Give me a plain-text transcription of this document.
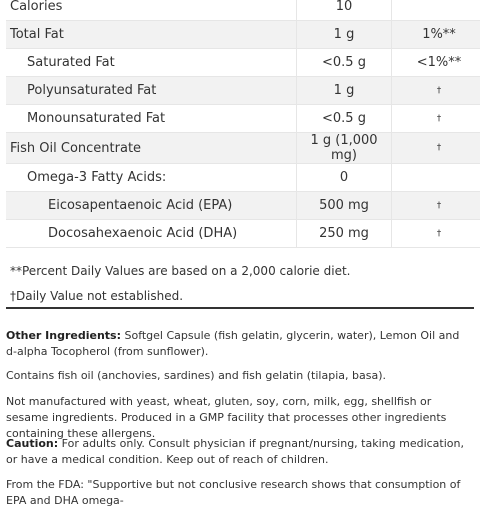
Calories	10	
Total Fat	1 g	1%**
Saturated Fat	<0.5 g	<1%**
Polyunsaturated Fat	1 g	†
Monounsaturated Fat	<0.5 g	†
Fish Oil Concentrate	1 g (1,000 mg)	†
Omega-3 Fatty Acids:	0	
Eicosapentaenoic Acid (EPA)	500 mg	†
Docosahexaenoic Acid (DHA)	250 mg	†
**Percent Daily Values are based on a 2,000 calorie diet.
†Daily Value not established.
Other Ingredients: Softgel Capsule (fish gelatin, glycerin, water), Lemon Oil and d-alpha Tocopherol (from sunflower).
Contains fish oil (anchovies, sardines) and fish gelatin (tilapia, basa).
Not manufactured with yeast, wheat, gluten, soy, corn, milk, egg, shellfish or sesame ingredients. Produced in a GMP facility that processes other ingredients containing these allergens.
Caution: For adults only. Consult physician if pregnant/nursing, taking medication, or have a medical condition. Keep out of reach of children.
From the FDA: "Supportive but not conclusive research shows that consumption of EPA and DHA omega-
